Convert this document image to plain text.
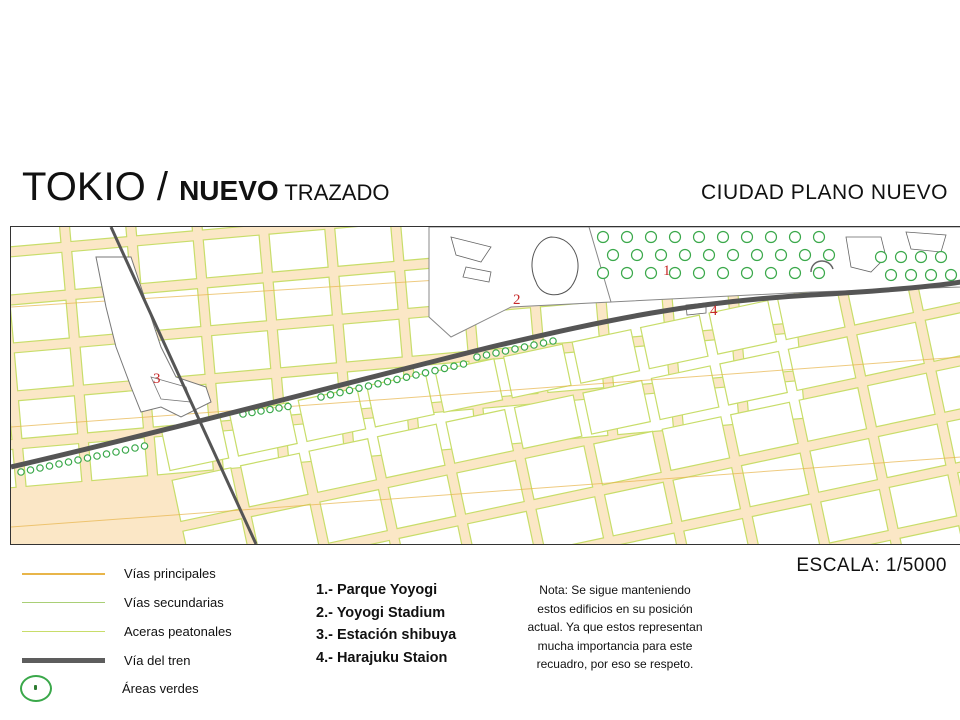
TOKIO / NUEVO TRAZADO	CIUDAD PLANO NUEVO
1
2
3
4
ESCALA: 1/5000
Vías principales
Vías secundarias
Aceras peatonales
Vía del tren
Áreas verdes
1.- Parque Yoyogi
2.- Yoyogi Stadium
3.- Estación shibuya
4.- Harajuku Staion
Nota: Se sigue manteniendo
estos edificios en su posición
actual. Ya que estos representan
mucha importancia para este
recuadro, por eso se respeto.
